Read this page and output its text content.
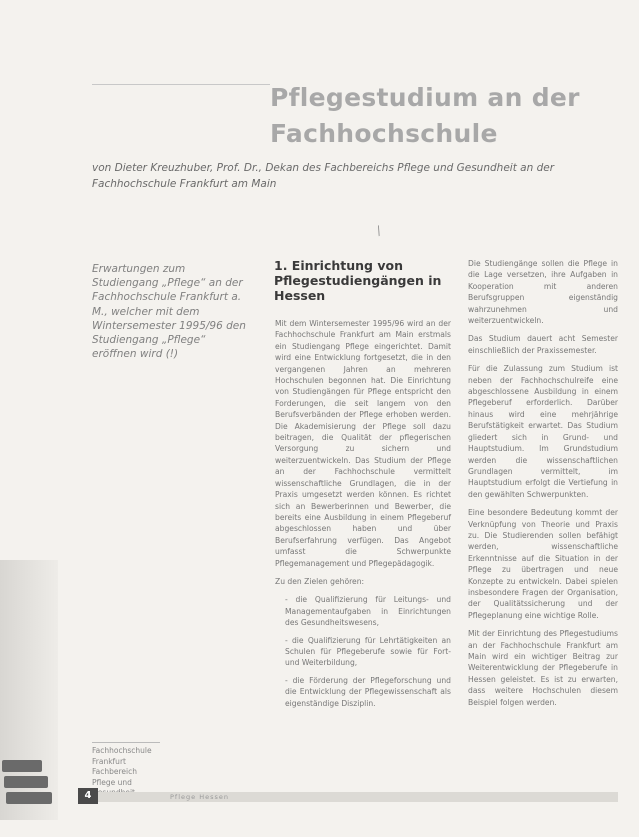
Pflegestudium an der
Fachhochschule
von Dieter Kreuzhuber, Prof. Dr., Dekan des Fachbereichs Pflege und Gesundheit an der Fachhochschule Frankfurt am Main
⁄
Erwartungen zum Studiengang „Pflege“ an der Fachhochschule Frankfurt a. M., welcher mit dem Wintersemester 1995/96 den Studiengang „Pflege“ eröffnen wird (!)
1. Einrichtung von Pflegestudiengängen in Hessen

Mit dem Wintersemester 1995/96 wird an der Fachhochschule Frankfurt am Main erstmals ein Studiengang Pflege eingerichtet. Damit wird eine Entwicklung fortgesetzt, die in den vergangenen Jahren an mehreren Hochschulen begonnen hat. Die Einrichtung von Studiengängen für Pflege entspricht den Forderungen, die seit langem von den Berufsverbänden der Pflege erhoben werden. Die Akademisierung der Pflege soll dazu beitragen, die Qualität der pflegerischen Versorgung zu sichern und weiterzuentwickeln. Das Studium der Pflege an der Fachhochschule vermittelt wissenschaftliche Grundlagen, die in der Praxis umgesetzt werden können. Es richtet sich an Bewerberinnen und Bewerber, die bereits eine Ausbildung in einem Pflegeberuf abgeschlossen haben und über Berufserfahrung verfügen. Das Angebot umfasst die Schwerpunkte Pflegemanagement und Pflegepädagogik.

Zu den Zielen gehören:

- die Qualifizierung für Leitungs- und Managementaufgaben in Einrichtungen des Gesundheitswesens,
- die Qualifizierung für Lehrtätigkeiten an Schulen für Pflegeberufe sowie für Fort- und Weiterbildung,
- die Förderung der Pflegeforschung und die Entwicklung der Pflegewissenschaft als eigenständige Disziplin.

Die Studiengänge sollen die Pflege in die Lage versetzen, ihre Aufgaben in Kooperation mit anderen Berufsgruppen eigenständig wahrzunehmen und weiterzuentwickeln.

Das Studium dauert acht Semester einschließlich der Praxissemester.

Für die Zulassung zum Studium ist neben der Fachhochschulreife eine abgeschlossene Ausbildung in einem Pflegeberuf erforderlich. Darüber hinaus wird eine mehrjährige Berufstätigkeit erwartet. Das Studium gliedert sich in Grund- und Hauptstudium. Im Grundstudium werden die wissenschaftlichen Grundlagen vermittelt, im Hauptstudium erfolgt die Vertiefung in den gewählten Schwerpunkten.

Eine besondere Bedeutung kommt der Verknüpfung von Theorie und Praxis zu. Die Studierenden sollen befähigt werden, wissenschaftliche Erkenntnisse auf die Situation in der Pflege zu übertragen und neue Konzepte zu entwickeln. Dabei spielen insbesondere Fragen der Organisation, der Qualitätssicherung und der Pflegeplanung eine wichtige Rolle.

Mit der Einrichtung des Pflegestudiums an der Fachhochschule Frankfurt am Main wird ein wichtiger Beitrag zur Weiterentwicklung der Pflegeberufe in Hessen geleistet. Es ist zu erwarten, dass weitere Hochschulen diesem Beispiel folgen werden.

Fachhochschule
Frankfurt
Fachbereich
Pflege und
4	Pflege Hessen
